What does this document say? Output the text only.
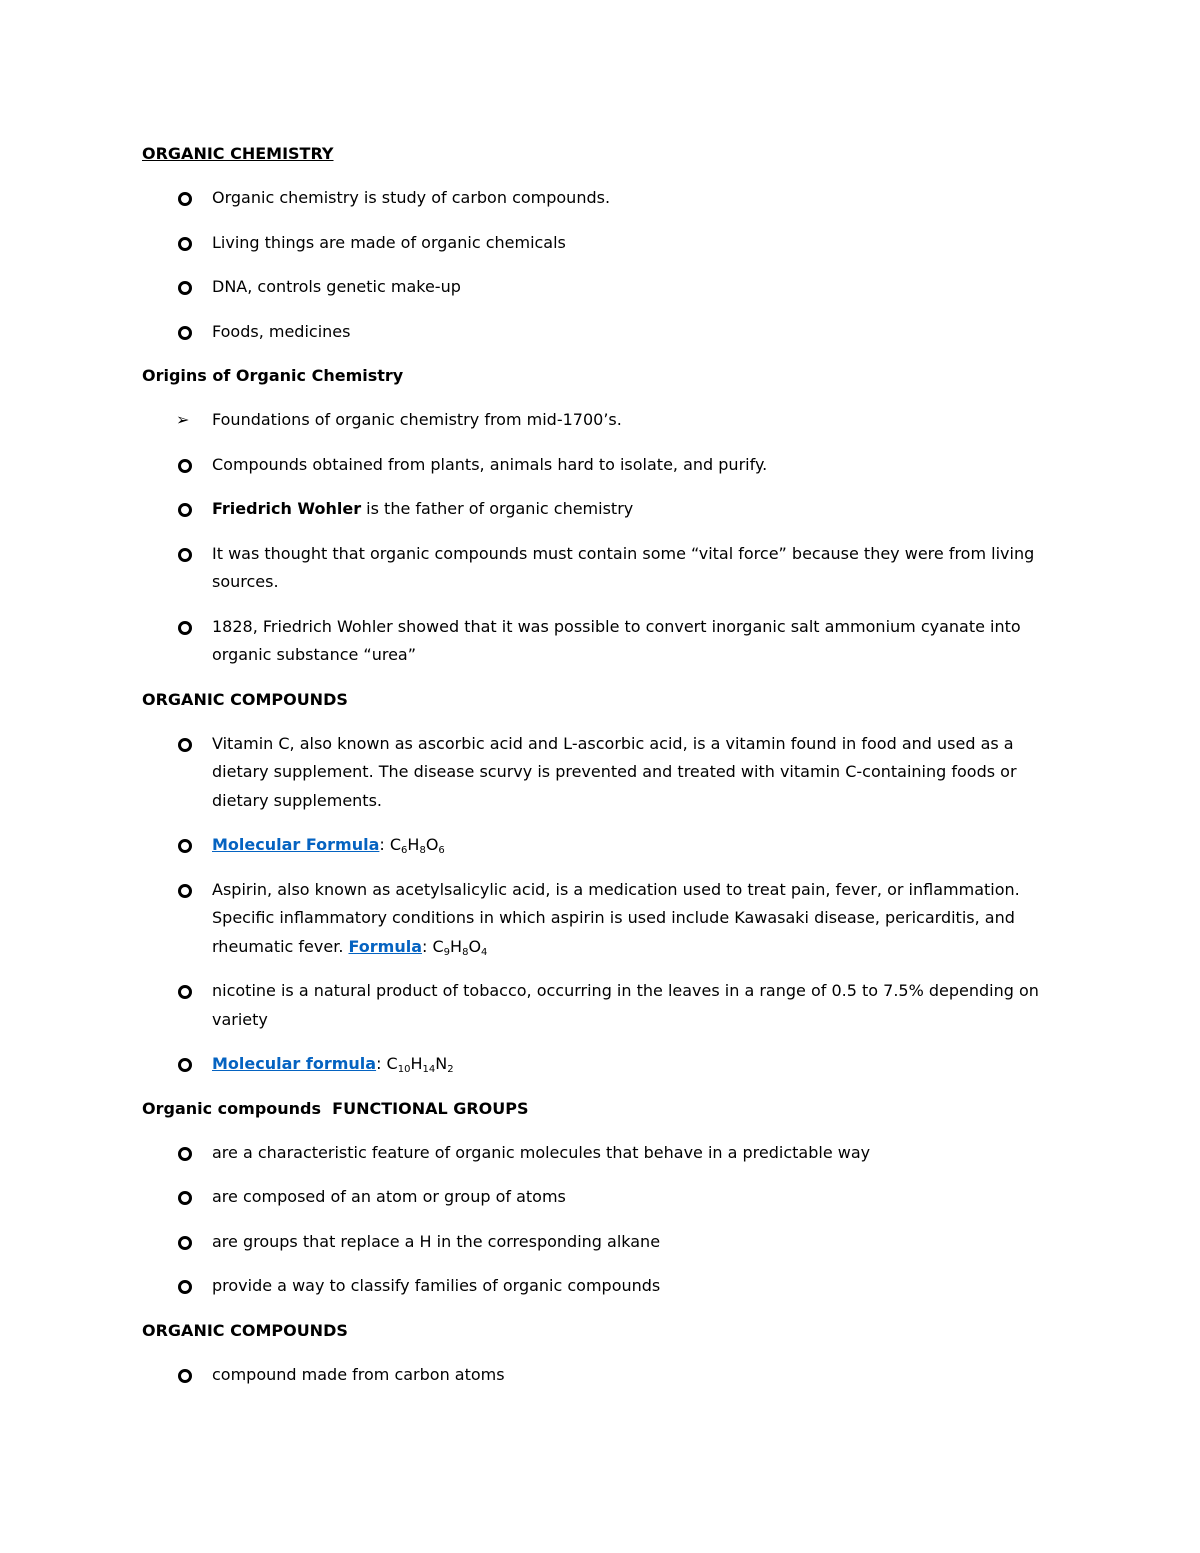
ORGANIC CHEMISTRY
Organic chemistry is study of carbon compounds.
Living things are made of organic chemicals
DNA, controls genetic make-up
Foods, medicines
Origins of Organic Chemistry
➢ Foundations of organic chemistry from mid-1700’s.
Compounds obtained from plants, animals hard to isolate, and purify.
Friedrich Wohler is the father of organic chemistry
It was thought that organic compounds must contain some “vital force” because they were from living sources.
1828, Friedrich Wohler showed that it was possible to convert inorganic salt ammonium cyanate into organic substance “urea”
ORGANIC COMPOUNDS
Vitamin C, also known as ascorbic acid and L-ascorbic acid, is a vitamin found in food and used as a dietary supplement. The disease scurvy is prevented and treated with vitamin C-containing foods or dietary supplements.
Molecular Formula: $C_6H_8O_6$
Aspirin, also known as acetylsalicylic acid, is a medication used to treat pain, fever, or inflammation. Specific inflammatory conditions in which aspirin is used include Kawasaki disease, pericarditis, and rheumatic fever. Formula: $C_9H_8O_4$
nicotine is a natural product of tobacco, occurring in the leaves in a range of 0.5 to 7.5% depending on variety
Molecular formula: $C_{10}H_{14}N_2$
Organic compounds  FUNCTIONAL GROUPS
are a characteristic feature of organic molecules that behave in a predictable way
are composed of an atom or group of atoms
are groups that replace a H in the corresponding alkane
provide a way to classify families of organic compounds
ORGANIC COMPOUNDS
compound made from carbon atoms
